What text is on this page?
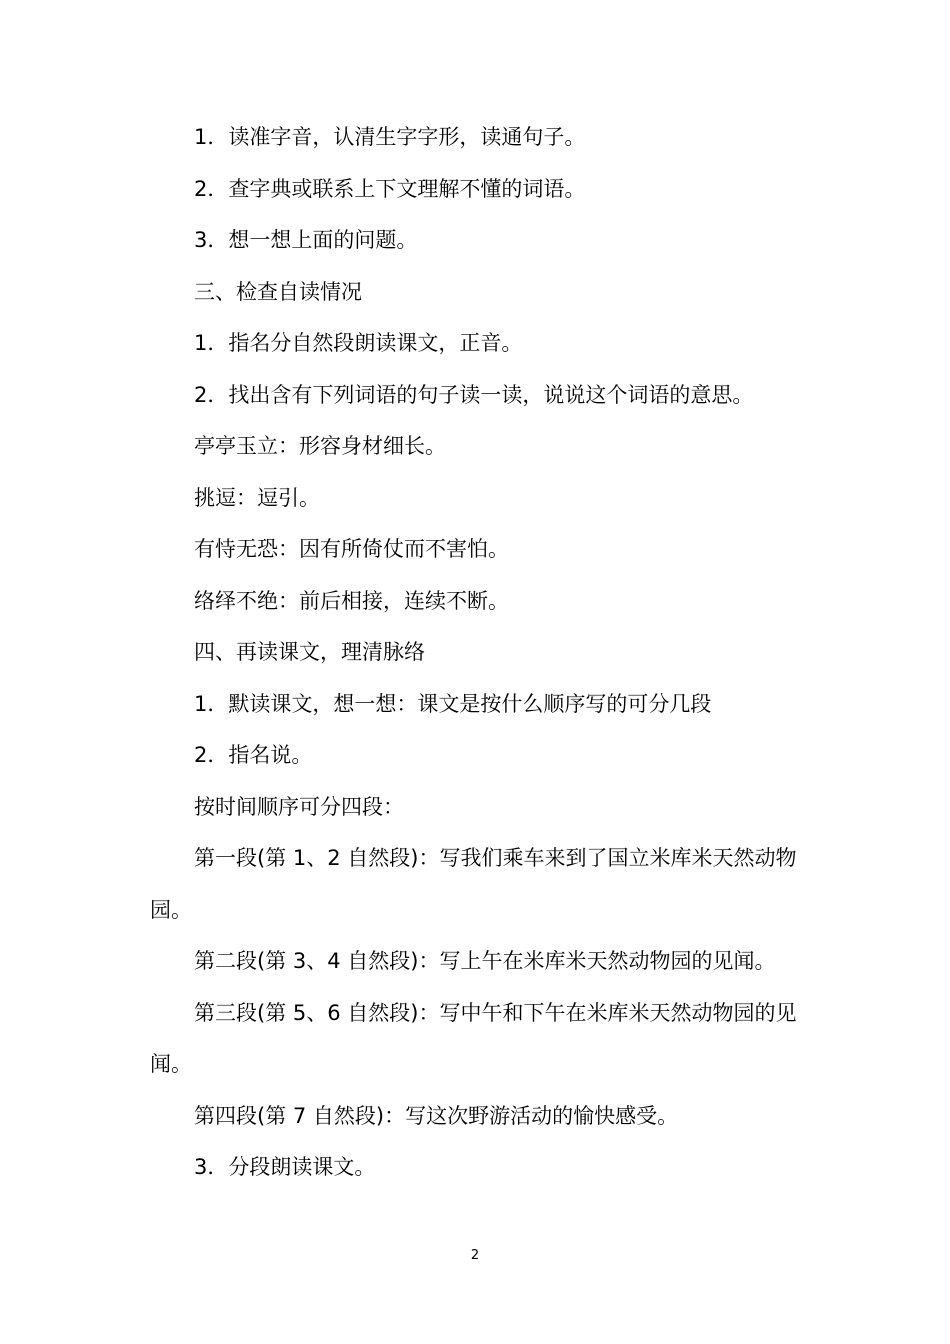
1．读准字音，认清生字字形，读通句子。

2．查字典或联系上下文理解不懂的词语。

3．想一想上面的问题。

三、检查自读情况

1．指名分自然段朗读课文，正音。

2．找出含有下列词语的句子读一读，说说这个词语的意思。

亭亭玉立：形容身材细长。

挑逗：逗引。

有恃无恐：因有所倚仗而不害怕。

络绎不绝：前后相接，连续不断。

四、再读课文，理清脉络

1．默读课文，想一想：课文是按什么顺序写的可分几段

2．指名说。

按时间顺序可分四段：

第一段(第 1、2 自然段)：写我们乘车来到了国立米库米天然动物园。

第二段(第 3、4 自然段)：写上午在米库米天然动物园的见闻。

第三段(第 5、6 自然段)：写中午和下午在米库米天然动物园的见闻。

第四段(第 7 自然段)：写这次野游活动的愉快感受。

3．分段朗读课文。

2
